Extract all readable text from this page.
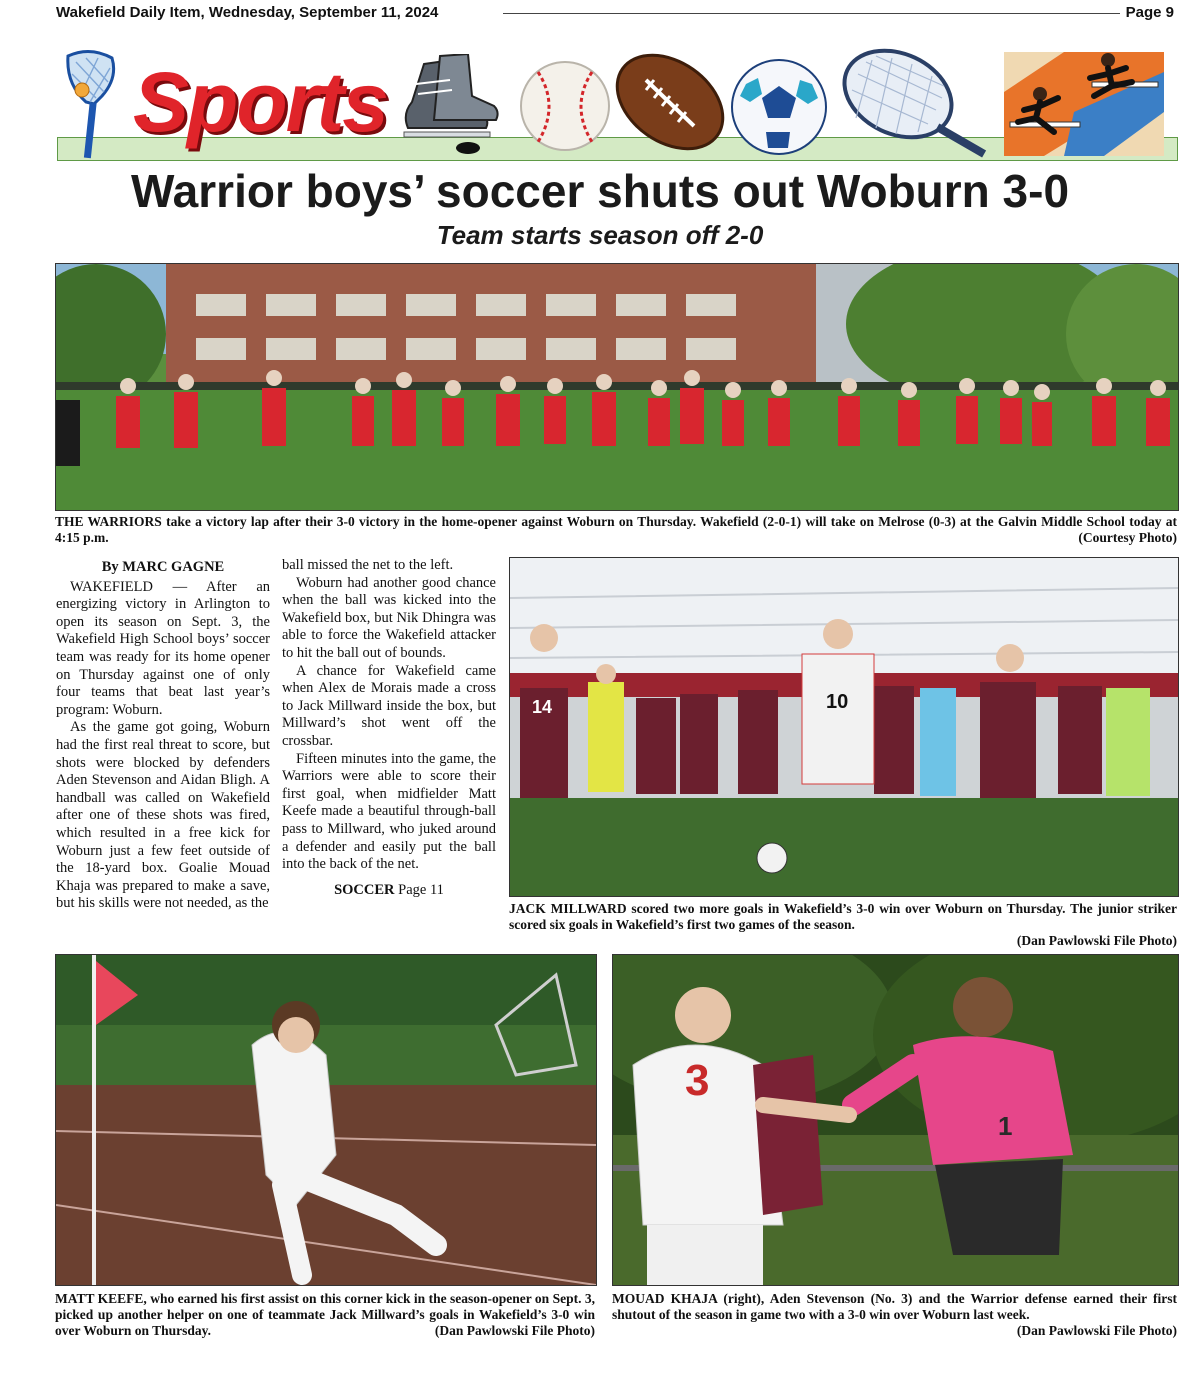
Wakefield Daily Item, Wednesday, September 11, 2024	Page 9
Sports
Warrior boys’ soccer shuts out Woburn 3-0
Team starts season off 2-0
THE WARRIORS take a victory lap after their 3-0 victory in the home-opener against Woburn on Thursday. Wakefield (2-0-1) will take on Melrose (0-3) at the Galvin Middle School today at 4:15 p.m.	(Courtesy Photo)
By MARC GAGNE

WAKEFIELD — After an energizing victory in Arlington to open its season on Sept. 3, the Wakefield High School boys’ soccer team was ready for its home opener on Thursday against one of only four teams that beat last year’s program: Woburn.

As the game got going, Woburn had the first real threat to score, but shots were blocked by defenders Aden Stevenson and Aidan Bligh. A handball was called on Wakefield after one of these shots was fired, which resulted in a free kick for Woburn just a few feet outside of the 18-yard box. Goalie Mouad Khaja was prepared to make a save, but his skills were not needed, as the

ball missed the net to the left.

Woburn had another good chance when the ball was kicked into the Wakefield box, but Nik Dhingra was able to force the Wakefield attacker to hit the ball out of bounds.

A chance for Wakefield came when Alex de Morais made a cross to Jack Millward inside the box, but Millward’s shot went off the crossbar.

Fifteen minutes into the game, the Warriors were able to score their first goal, when midfielder Matt Keefe made a beautiful through-ball pass to Millward, who juked around a defender and easily put the ball into the back of the net.

SOCCER Page 11
14	10
JACK MILLWARD scored two more goals in Wakefield’s 3-0 win over Woburn on Thursday. The junior striker scored six goals in Wakefield’s first two games of the season.
(Dan Pawlowski File Photo)
MATT KEEFE, who earned his first assist on this corner kick in the season-opener on Sept. 3, picked up another helper on one of teammate Jack Millward’s goals in Wakefield’s 3-0 win over Woburn on Thursday.	(Dan Pawlowski File Photo)
3
1
MOUAD KHAJA (right), Aden Stevenson (No. 3) and the Warrior defense earned their first shutout of the season in game two with a 3-0 win over Woburn last week.
(Dan Pawlowski File Photo)
